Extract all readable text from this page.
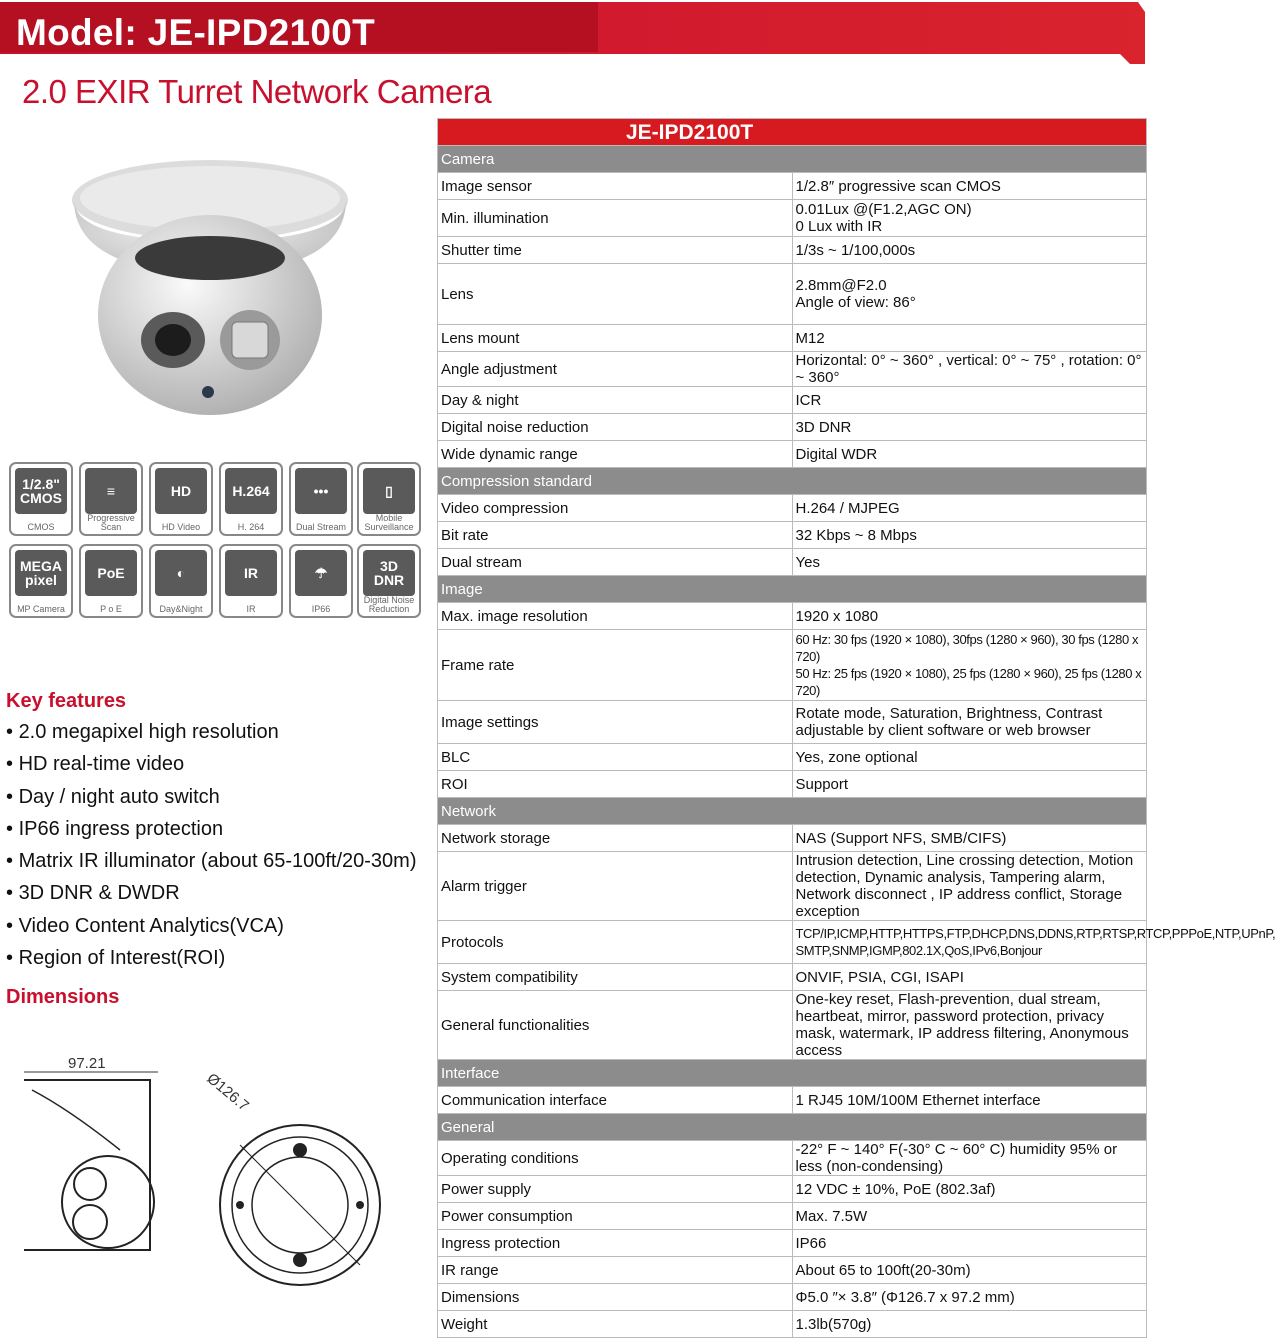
Model: JE-IPD2100T
2.0 EXIR Turret Network Camera
1/2.8" CMOS
CMOS
≡
Progressive Scan
HD
HD Video
H.264
H. 264
•••
Dual Stream
▯
Mobile Surveillance
MEGA pixel
MP Camera
PoE
P o E
◐
Day&Night
IR
IR
☂
IP66
3D DNR
Digital Noise Reduction
Key features
• 2.0 megapixel high resolution
• HD real-time video
• Day / night auto switch
• IP66 ingress protection
• Matrix IR illuminator (about 65-100ft/20-30m)
• 3D DNR & DWDR
• Video Content Analytics(VCA)
• Region of Interest(ROI)
Dimensions
97.21
Ø126.7
JE-IPD2100T	
Camera	
Image sensor	1/2.8″ progressive scan CMOS
Min. illumination	0.01Lux @(F1.2,AGC ON)
0 Lux with IR
Shutter time	1/3s ~ 1/100,000s
Lens	2.8mm@F2.0
Angle of view: 86°
Lens mount	M12
Angle adjustment	Horizontal: 0° ~ 360° , vertical: 0° ~ 75° , rotation: 0° ~ 360°
Day & night	ICR
Digital noise reduction	3D DNR
Wide dynamic range	Digital WDR
Compression standard	
Video compression	H.264 / MJPEG
Bit rate	32 Kbps ~ 8 Mbps
Dual stream	Yes
Image	
Max. image resolution	1920 x 1080
Frame rate	60 Hz: 30 fps (1920 × 1080), 30fps (1280 × 960), 30 fps (1280 x 720)
50 Hz: 25 fps (1920 × 1080), 25 fps (1280 × 960), 25 fps (1280 x 720)
Image settings	Rotate mode, Saturation, Brightness, Contrast adjustable by client software or web browser
BLC	Yes, zone optional
ROI	Support
Network	
Network storage	NAS (Support NFS, SMB/CIFS)
Alarm trigger	Intrusion detection, Line crossing detection, Motion detection, Dynamic analysis, Tampering alarm, Network disconnect , IP address conflict, Storage exception
Protocols	TCP/IP,ICMP,HTTP,HTTPS,FTP,DHCP,DNS,DDNS,RTP,RTSP,RTCP,PPPoE,NTP,UPnP, SMTP,SNMP,IGMP,802.1X,QoS,IPv6,Bonjour
System compatibility	ONVIF, PSIA, CGI, ISAPI
General functionalities	One-key reset, Flash-prevention, dual stream, heartbeat, mirror, password protection, privacy mask, watermark, IP address filtering, Anonymous access
Interface	
Communication interface	1 RJ45 10M/100M Ethernet interface
General	
Operating conditions	-22° F ~ 140° F(-30° C ~ 60° C) humidity 95% or less (non-condensing)
Power supply	12 VDC ± 10%, PoE (802.3af)
Power consumption	Max. 7.5W
Ingress protection	IP66
IR range	About 65 to 100ft(20-30m)
Dimensions	Φ5.0 ″× 3.8″ (Φ126.7 x 97.2 mm)
Weight	1.3lb(570g)
